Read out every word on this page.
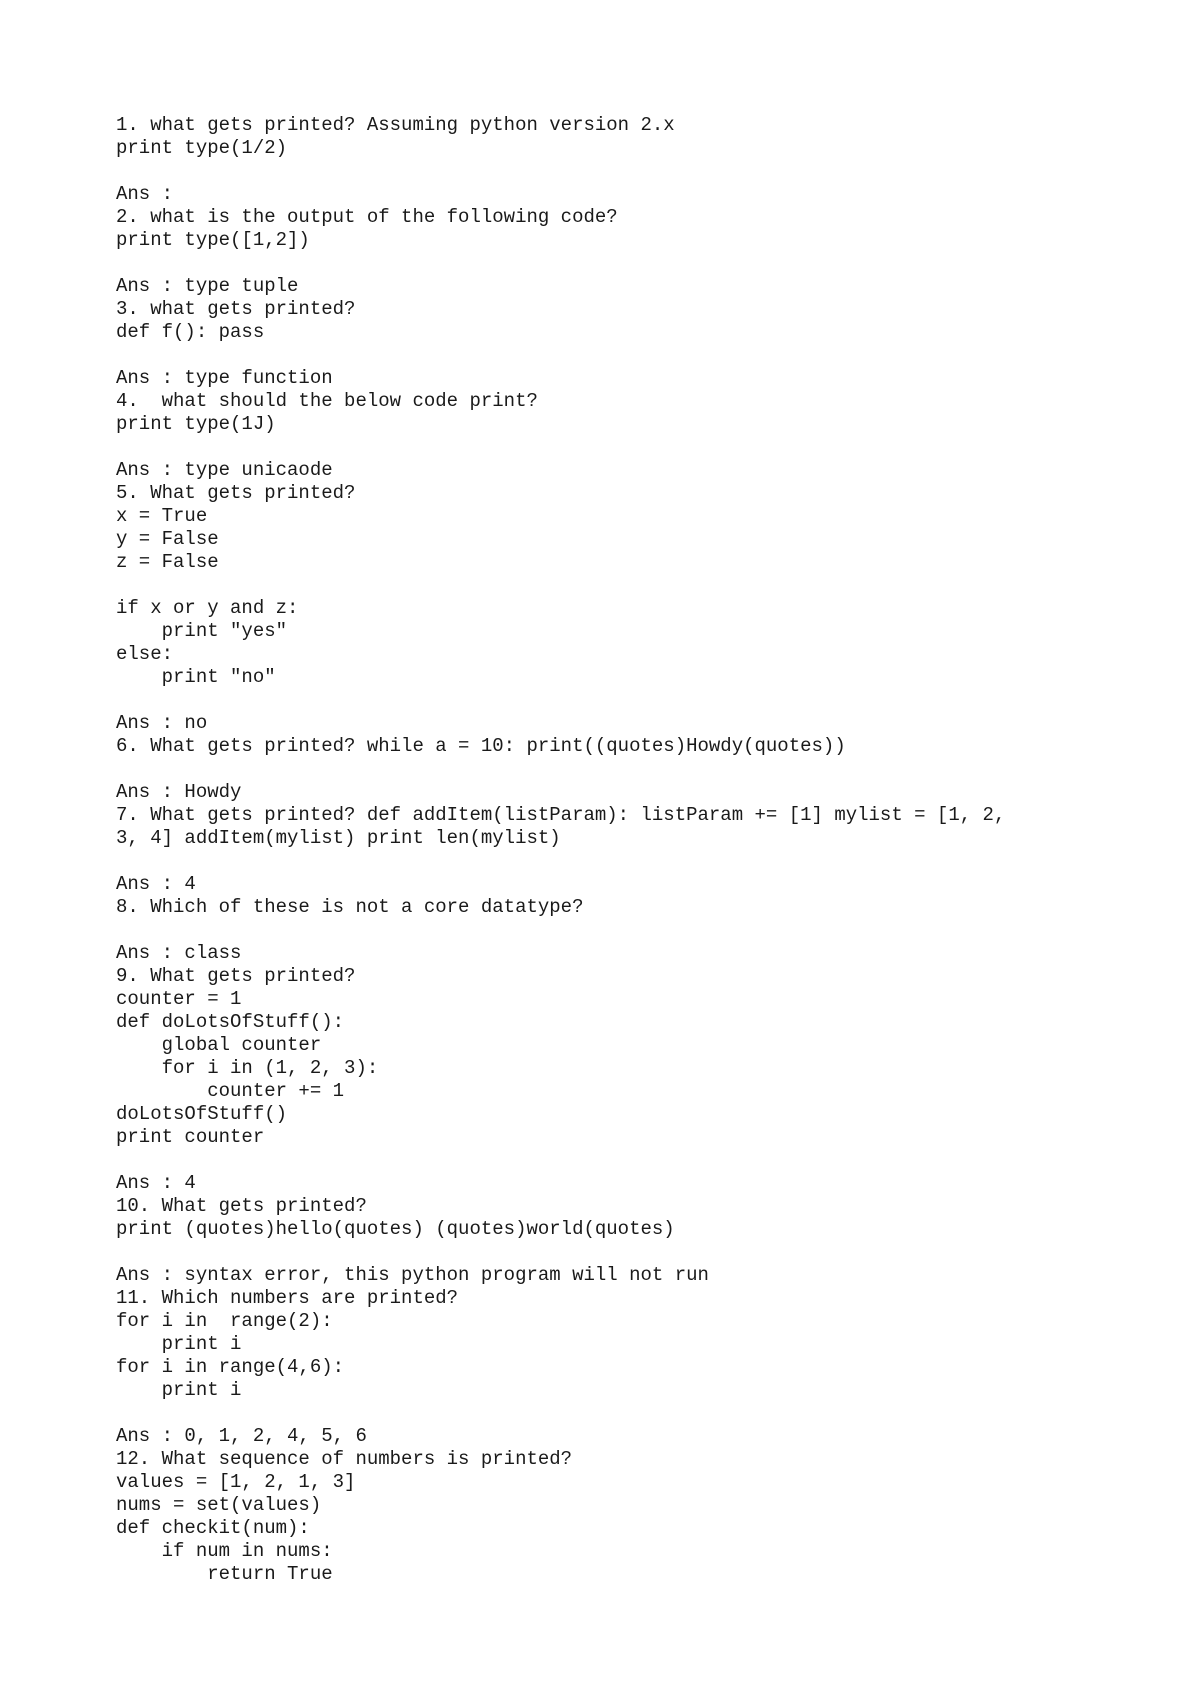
1. what gets printed? Assuming python version 2.x
print type(1/2)
Ans :
2. what is the output of the following code?
print type([1,2])
Ans : type tuple
3. what gets printed?
def f(): pass
Ans : type function
4.  what should the below code print?
print type(1J)
Ans : type unicaode
5. What gets printed?
x = True
y = False
z = False
if x or y and z:
print "yes"
else:
print "no"
Ans : no
6. What gets printed? while a = 10: print((quotes)Howdy(quotes))
Ans : Howdy
7. What gets printed? def addItem(listParam): listParam += [1] mylist = [1, 2,
3, 4] addItem(mylist) print len(mylist)
Ans : 4
8. Which of these is not a core datatype?
Ans : class
9. What gets printed?
counter = 1
def doLotsOfStuff():
global counter
for i in (1, 2, 3):
counter += 1
doLotsOfStuff()
print counter
Ans : 4
10. What gets printed?
print (quotes)hello(quotes) (quotes)world(quotes)
Ans : syntax error, this python program will not run
11. Which numbers are printed?
for i in  range(2):
print i
for i in range(4,6):
print i
Ans : 0, 1, 2, 4, 5, 6
12. What sequence of numbers is printed?
values = [1, 2, 1, 3]
nums = set(values)
def checkit(num):
if num in nums:
return True
